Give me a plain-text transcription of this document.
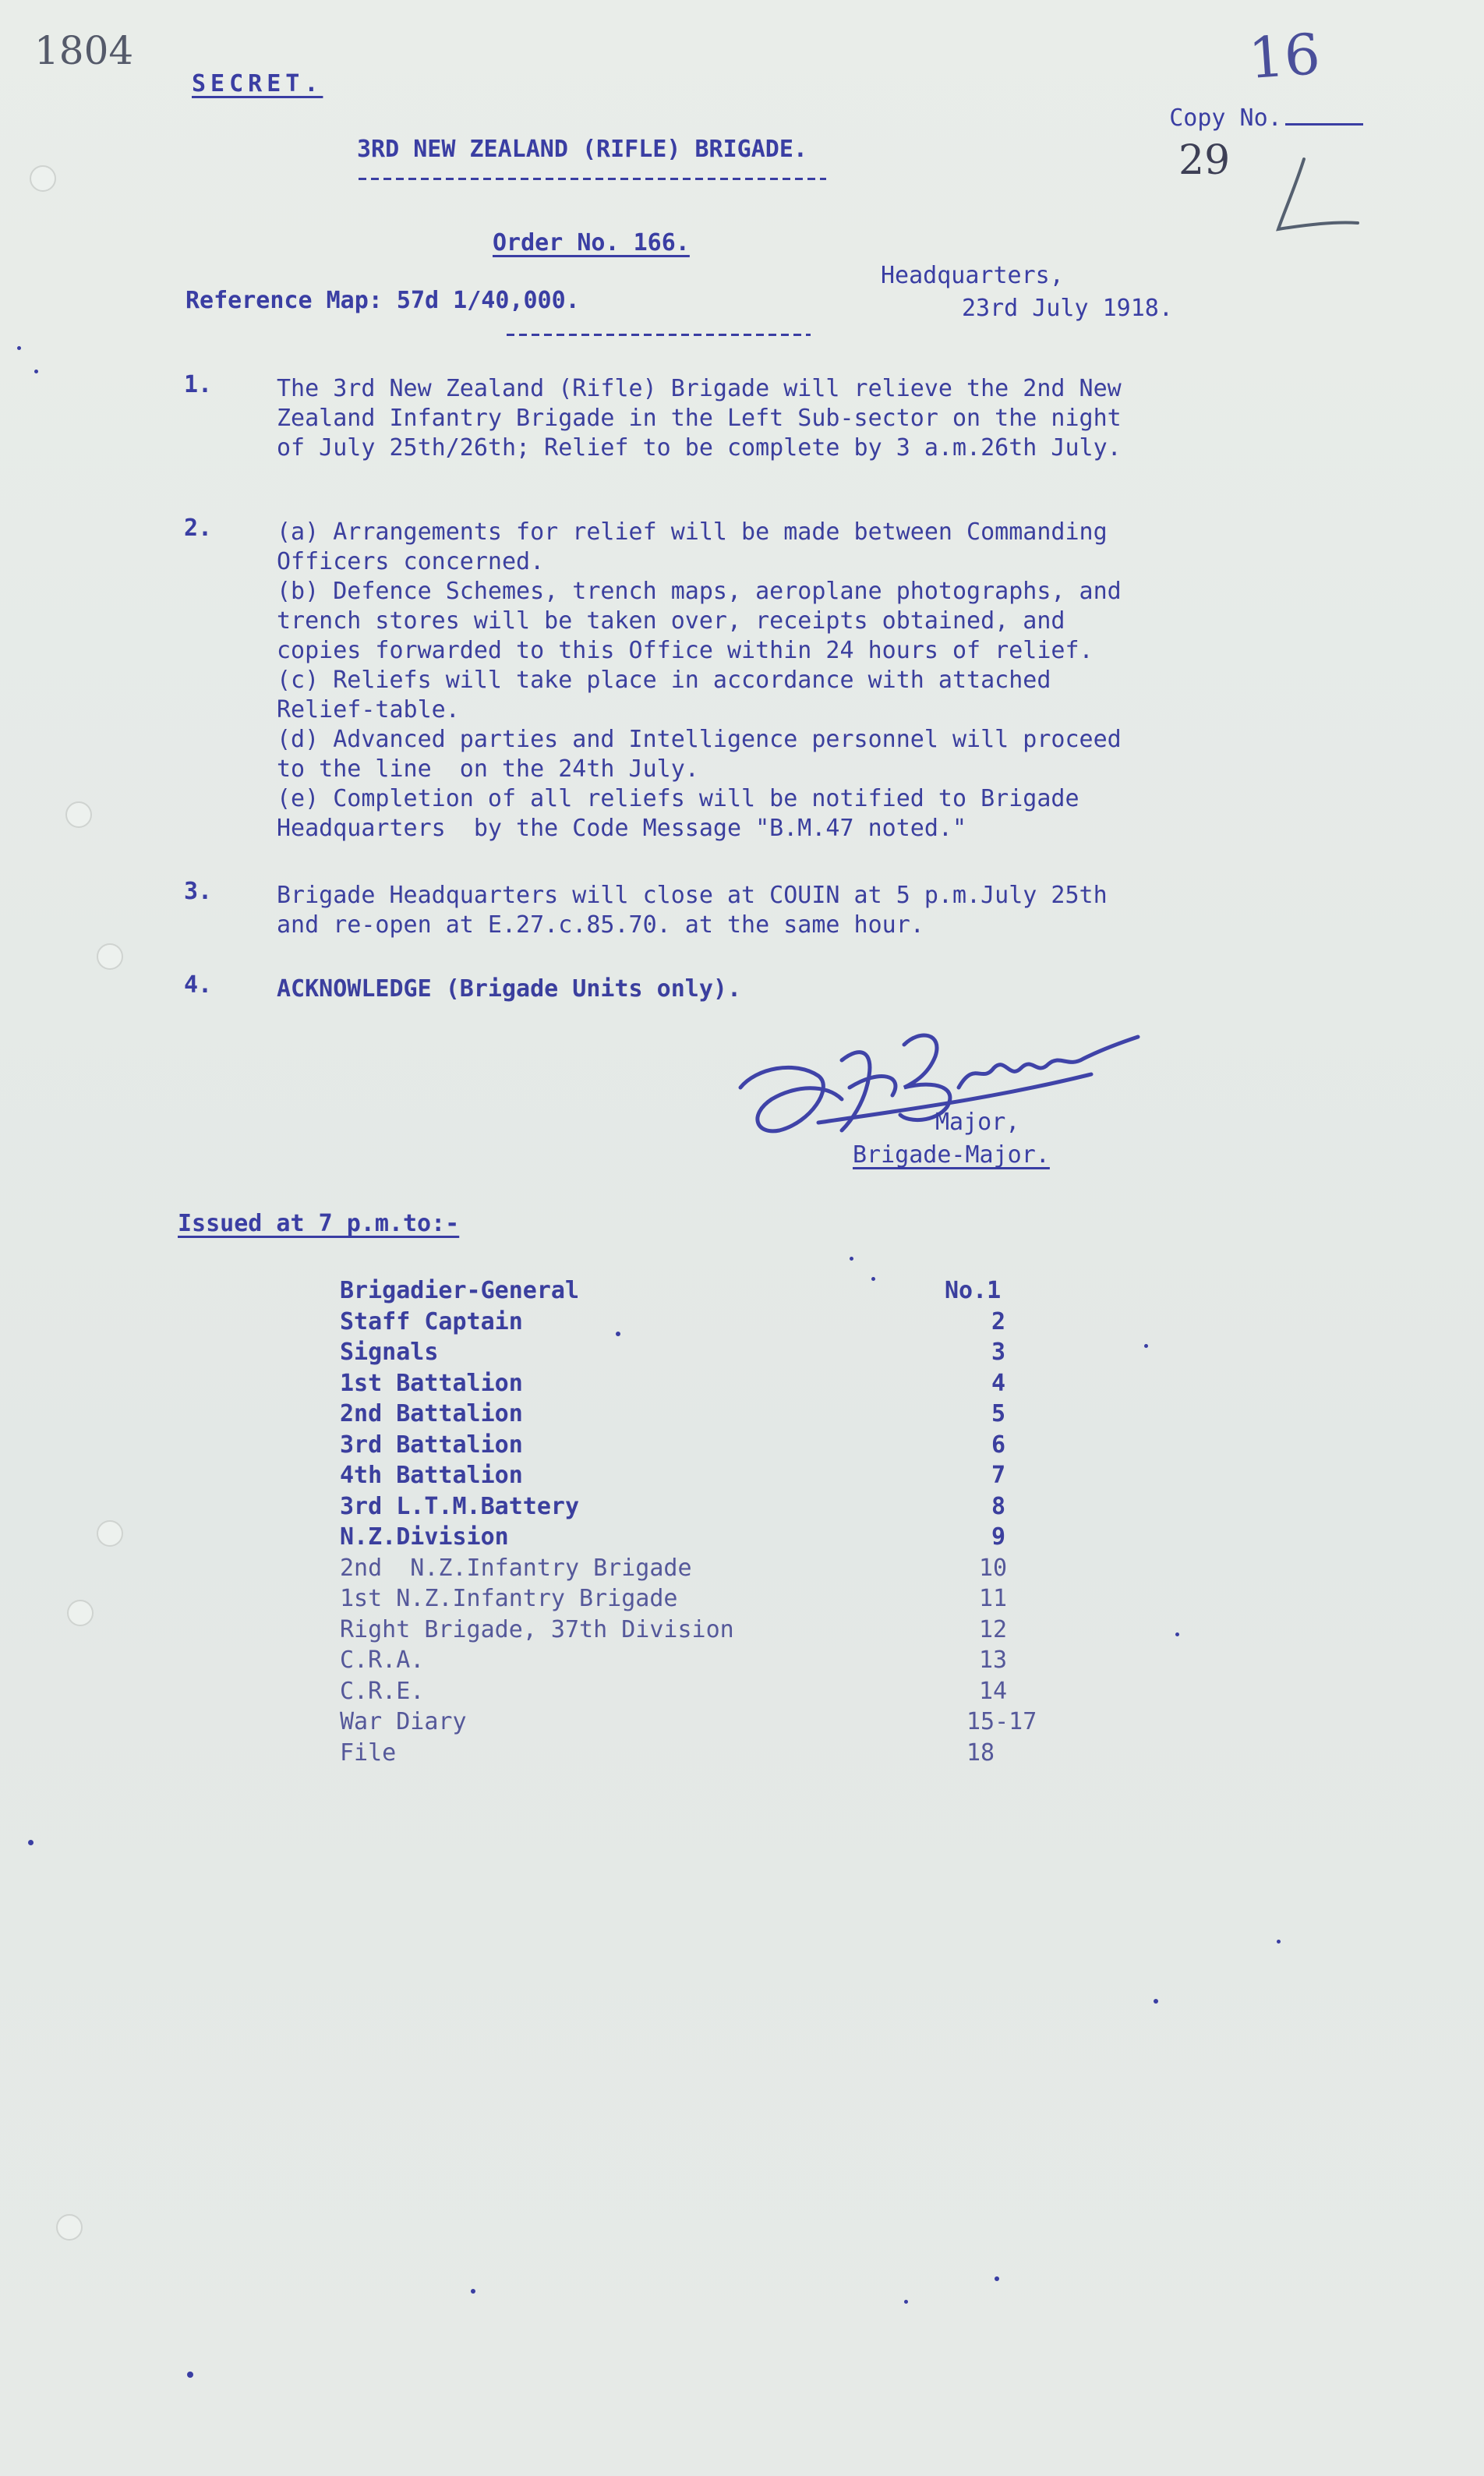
1804
SECRET.

Copy No.

16
29
3RD NEW ZEALAND (RIFLE) BRIGADE.
Order No. 166.
Headquarters,
Reference Map: 57d 1/40,000.	23rd July 1918.
1.	The 3rd New Zealand (Rifle) Brigade will relieve the 2nd New
Zealand Infantry Brigade in the Left Sub-sector on the night
of July 25th/26th; Relief to be complete by 3 a.m.26th July.
2.	(a) Arrangements for relief will be made between Commanding
Officers concerned.
(b) Defence Schemes, trench maps, aeroplane photographs, and
trench stores will be taken over, receipts obtained, and
copies forwarded to this Office within 24 hours of relief.
(c) Reliefs will take place in accordance with attached
Relief-table.
(d) Advanced parties and Intelligence personnel will proceed
to the line  on the 24th July.
(e) Completion of all reliefs will be notified to Brigade
Headquarters  by the Code Message "B.M.47 noted."
3.	Brigade Headquarters will close at COUIN at 5 p.m.July 25th
and re-open at E.27.c.85.70. at the same hour.
4.	ACKNOWLEDGE (Brigade Units only).
Major,
Brigade-Major.
Issued at 7 p.m.to:-
Brigadier-General	No.1
Staff Captain	2
Signals	3
1st Battalion	4
2nd Battalion	5
3rd Battalion	6
4th Battalion	7
3rd L.T.M.Battery	8
N.Z.Division	9
2nd  N.Z.Infantry Brigade	10
1st N.Z.Infantry Brigade	11
Right Brigade, 37th Division	12
C.R.A.	13
C.R.E.	14
War Diary	15-17
File	18
